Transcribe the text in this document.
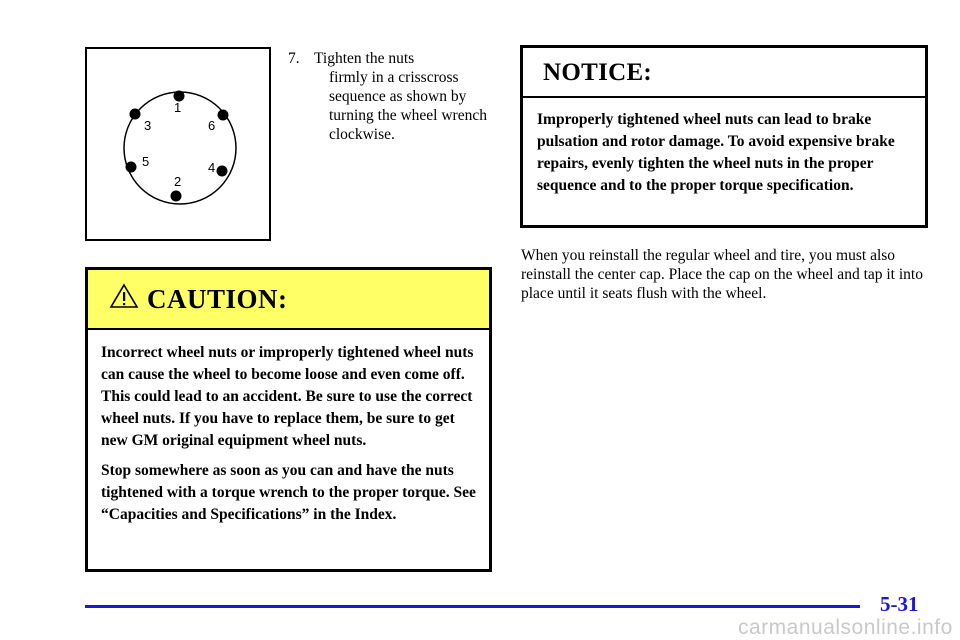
1
2
3
4
5
6
7. Tighten the nuts
firmly in a crisscross sequence as shown by turning the wheel wrench clockwise.
CAUTION:

Incorrect wheel nuts or improperly tightened wheel nuts can cause the wheel to become loose and even come off. This could lead to an accident. Be sure to use the correct wheel nuts. If you have to replace them, be sure to get new GM original equipment wheel nuts.

Stop somewhere as soon as you can and have the nuts tightened with a torque wrench to the proper torque. See “Capacities and Specifications” in the Index.

NOTICE:
Improperly tightened wheel nuts can lead to brake pulsation and rotor damage. To avoid expensive brake repairs, evenly tighten the wheel nuts in the proper sequence and to the proper torque specification.
When you reinstall the regular wheel and tire, you must also reinstall the center cap. Place the cap on the wheel and tap it into place until it seats flush with the wheel.
5-31
carmanualsonline.info
